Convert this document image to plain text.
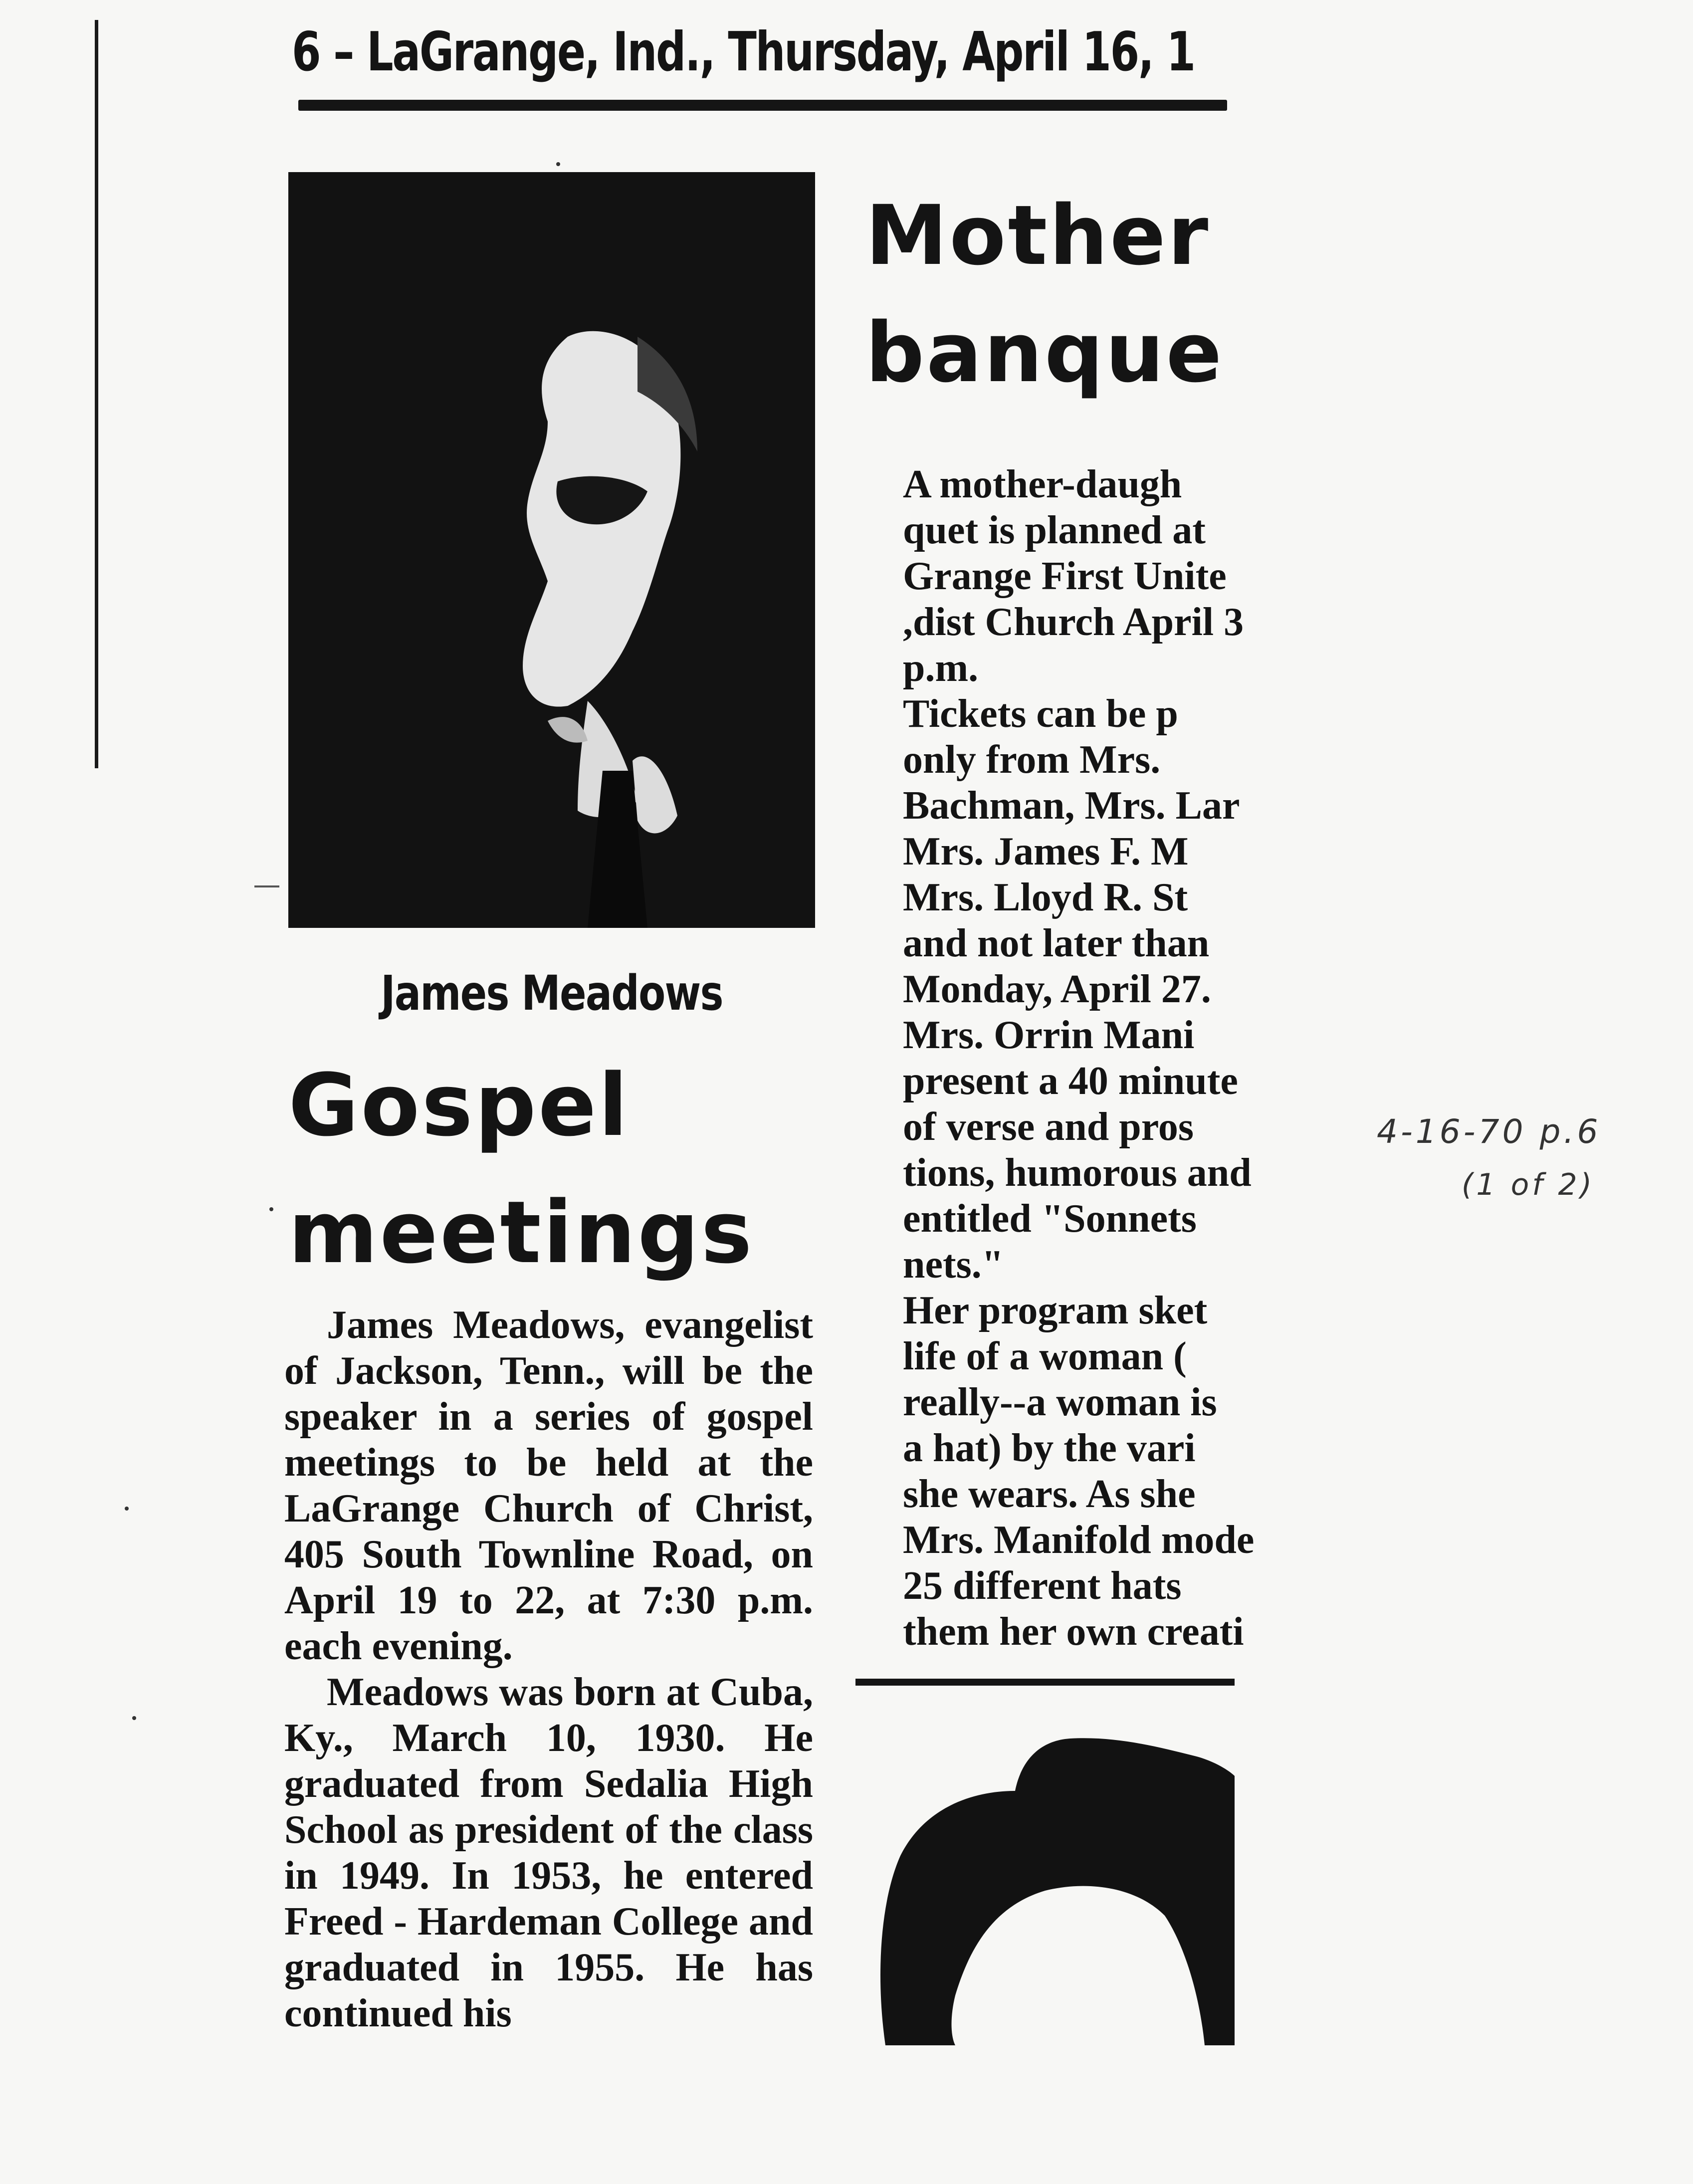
6 – LaGrange, Ind., Thursday, April 16, 1
James Meadows
Gospel
meetings

James Meadows, evangelist of Jackson, Tenn., will be the speaker in a series of gospel meetings to be held at the LaGrange Church of Christ, 405 South Townline Road, on April 19 to 22, at 7:30 p.m. each evening.

Meadows was born at Cuba, Ky., March 10, 1930. He graduated from Sedalia High School as president of the class in 1949. In 1953, he entered Freed - Hardeman College and graduated in 1955. He has continued his

Mother
banque

A mother-daugh

quet is planned at

Grange First Unite

,dist Church April 3

p.m.

Tickets can be p

only from Mrs.

Bachman, Mrs. Lar

Mrs. James F. M

Mrs. Lloyd R. St

and not later than

Monday, April 27.

Mrs. Orrin Mani

present a 40 minute

of verse and pros

tions, humorous and

entitled "Sonnets

nets."

Her program sket

life of a woman (

really--a woman is

a hat) by the vari

she wears. As she

Mrs. Manifold mode

25 different hats

them her own creati

4-16-70 p.6
(1 of 2)
